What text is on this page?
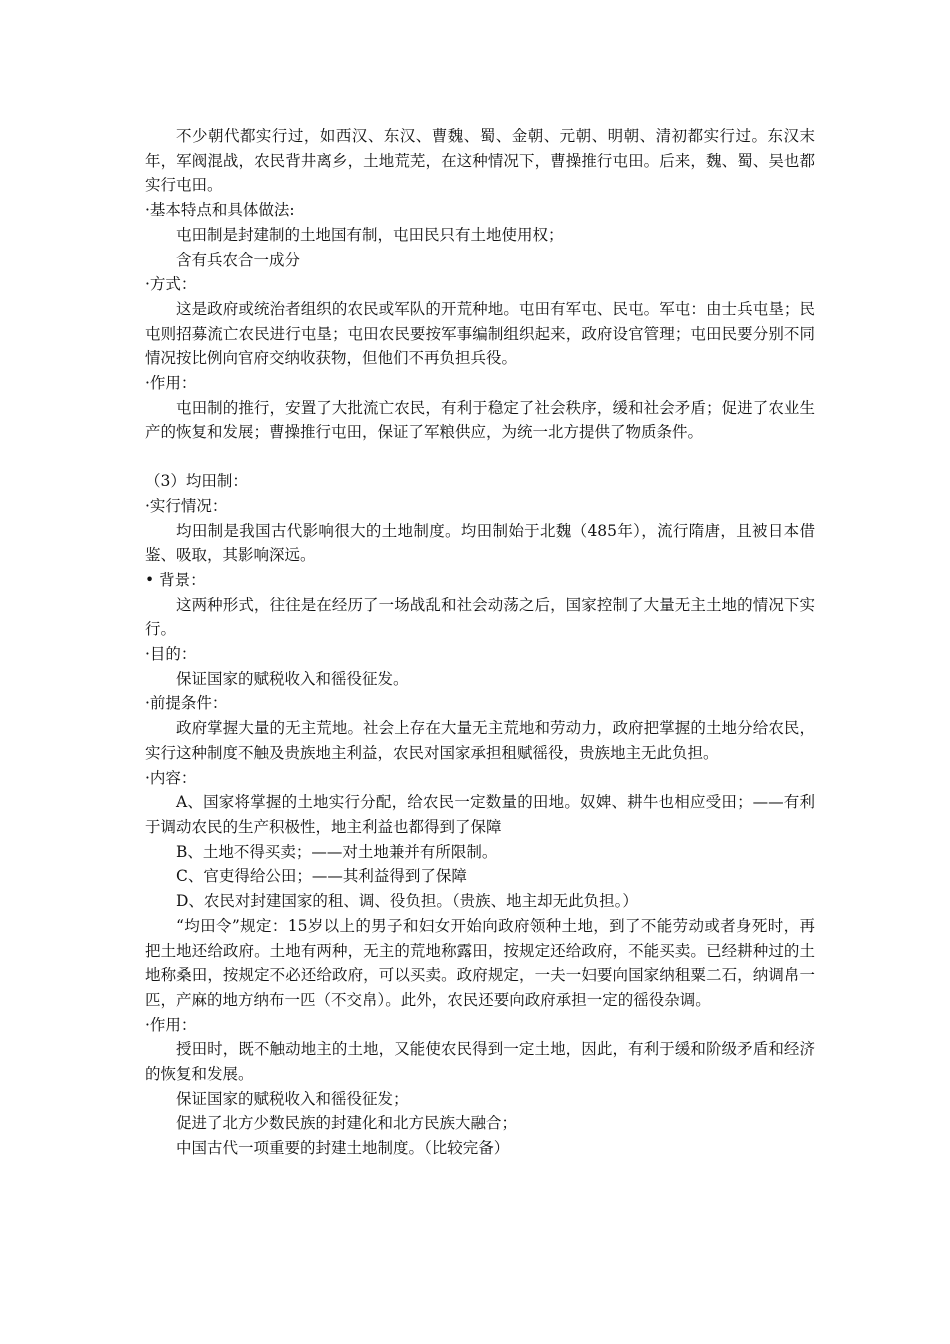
不少朝代都实行过，如西汉、东汉、曹魏、蜀、金朝、元朝、明朝、清初都实行过。东汉末年，军阀混战，农民背井离乡，土地荒芜，在这种情况下，曹操推行屯田。后来，魏、蜀、吴也都实行屯田。

·基本特点和具体做法:

屯田制是封建制的土地国有制，屯田民只有土地使用权；

含有兵农合一成分

·方式：

这是政府或统治者组织的农民或军队的开荒种地。屯田有军屯、民屯。军屯：由士兵屯垦；民屯则招募流亡农民进行屯垦；屯田农民要按军事编制组织起来，政府设官管理；屯田民要分别不同情况按比例向官府交纳收获物，但他们不再负担兵役。

·作用：

屯田制的推行，安置了大批流亡农民，有利于稳定了社会秩序，缓和社会矛盾；促进了农业生产的恢复和发展；曹操推行屯田，保证了军粮供应，为统一北方提供了物质条件。

（3）均田制：

·实行情况：

均田制是我国古代影响很大的土地制度。均田制始于北魏（485年），流行隋唐，且被日本借鉴、吸取，其影响深远。

• 背景：

这两种形式，往往是在经历了一场战乱和社会动荡之后，国家控制了大量无主土地的情况下实行。

·目的：

保证国家的赋税收入和徭役征发。

·前提条件：

政府掌握大量的无主荒地。社会上存在大量无主荒地和劳动力，政府把掌握的土地分给农民，实行这种制度不触及贵族地主利益，农民对国家承担租赋徭役，贵族地主无此负担。

·内容：

A、国家将掌握的土地实行分配，给农民一定数量的田地。奴婢、耕牛也相应受田；——有利于调动农民的生产积极性，地主利益也都得到了保障

B、土地不得买卖；——对土地兼并有所限制。

C、官吏得给公田；——其利益得到了保障

D、农民对封建国家的租、调、役负担。（贵族、地主却无此负担。）

“均田令”规定：15岁以上的男子和妇女开始向政府领种土地，到了不能劳动或者身死时，再把土地还给政府。土地有两种，无主的荒地称露田，按规定还给政府，不能买卖。已经耕种过的土地称桑田，按规定不必还给政府，可以买卖。政府规定，一夫一妇要向国家纳租粟二石，纳调帛一匹，产麻的地方纳布一匹（不交帛）。此外，农民还要向政府承担一定的徭役杂调。

·作用：

授田时，既不触动地主的土地，又能使农民得到一定土地，因此，有利于缓和阶级矛盾和经济的恢复和发展。

保证国家的赋税收入和徭役征发；

促进了北方少数民族的封建化和北方民族大融合；

中国古代一项重要的封建土地制度。（比较完备）
